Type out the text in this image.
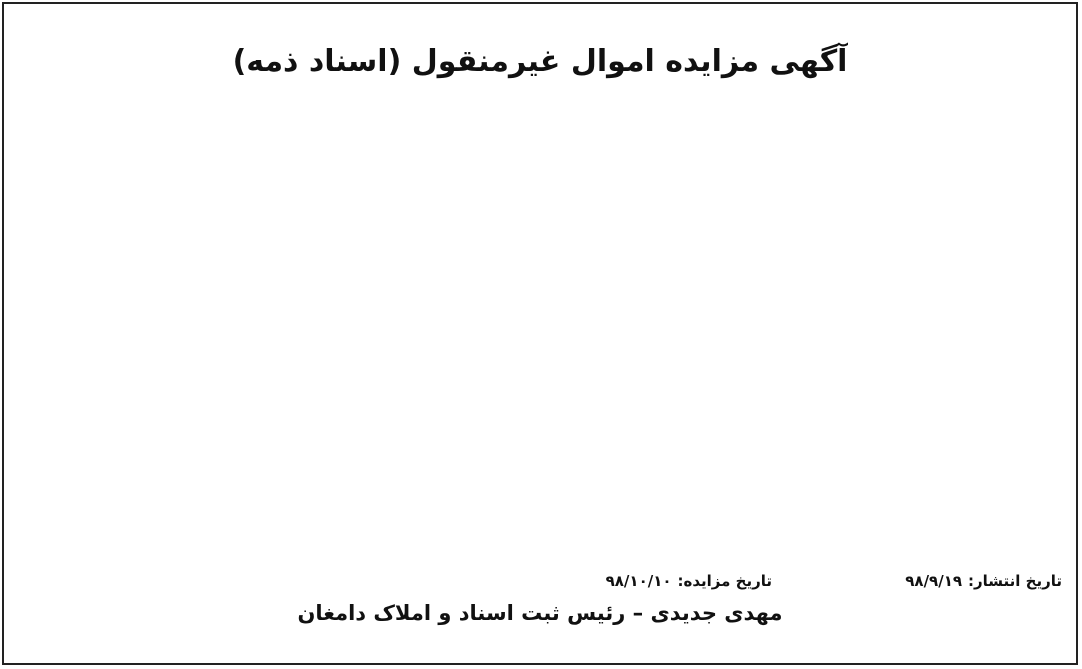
آگهی مزایده اموال غیرمنقول (اسناد ذمه)
تاریخ انتشار:۹۸/۹/۱۹
تاریخ مزایده:۹۸/۱۰/۱۰
مهدی جدیدی – رئیس ثبت اسناد و املاک دامغان
